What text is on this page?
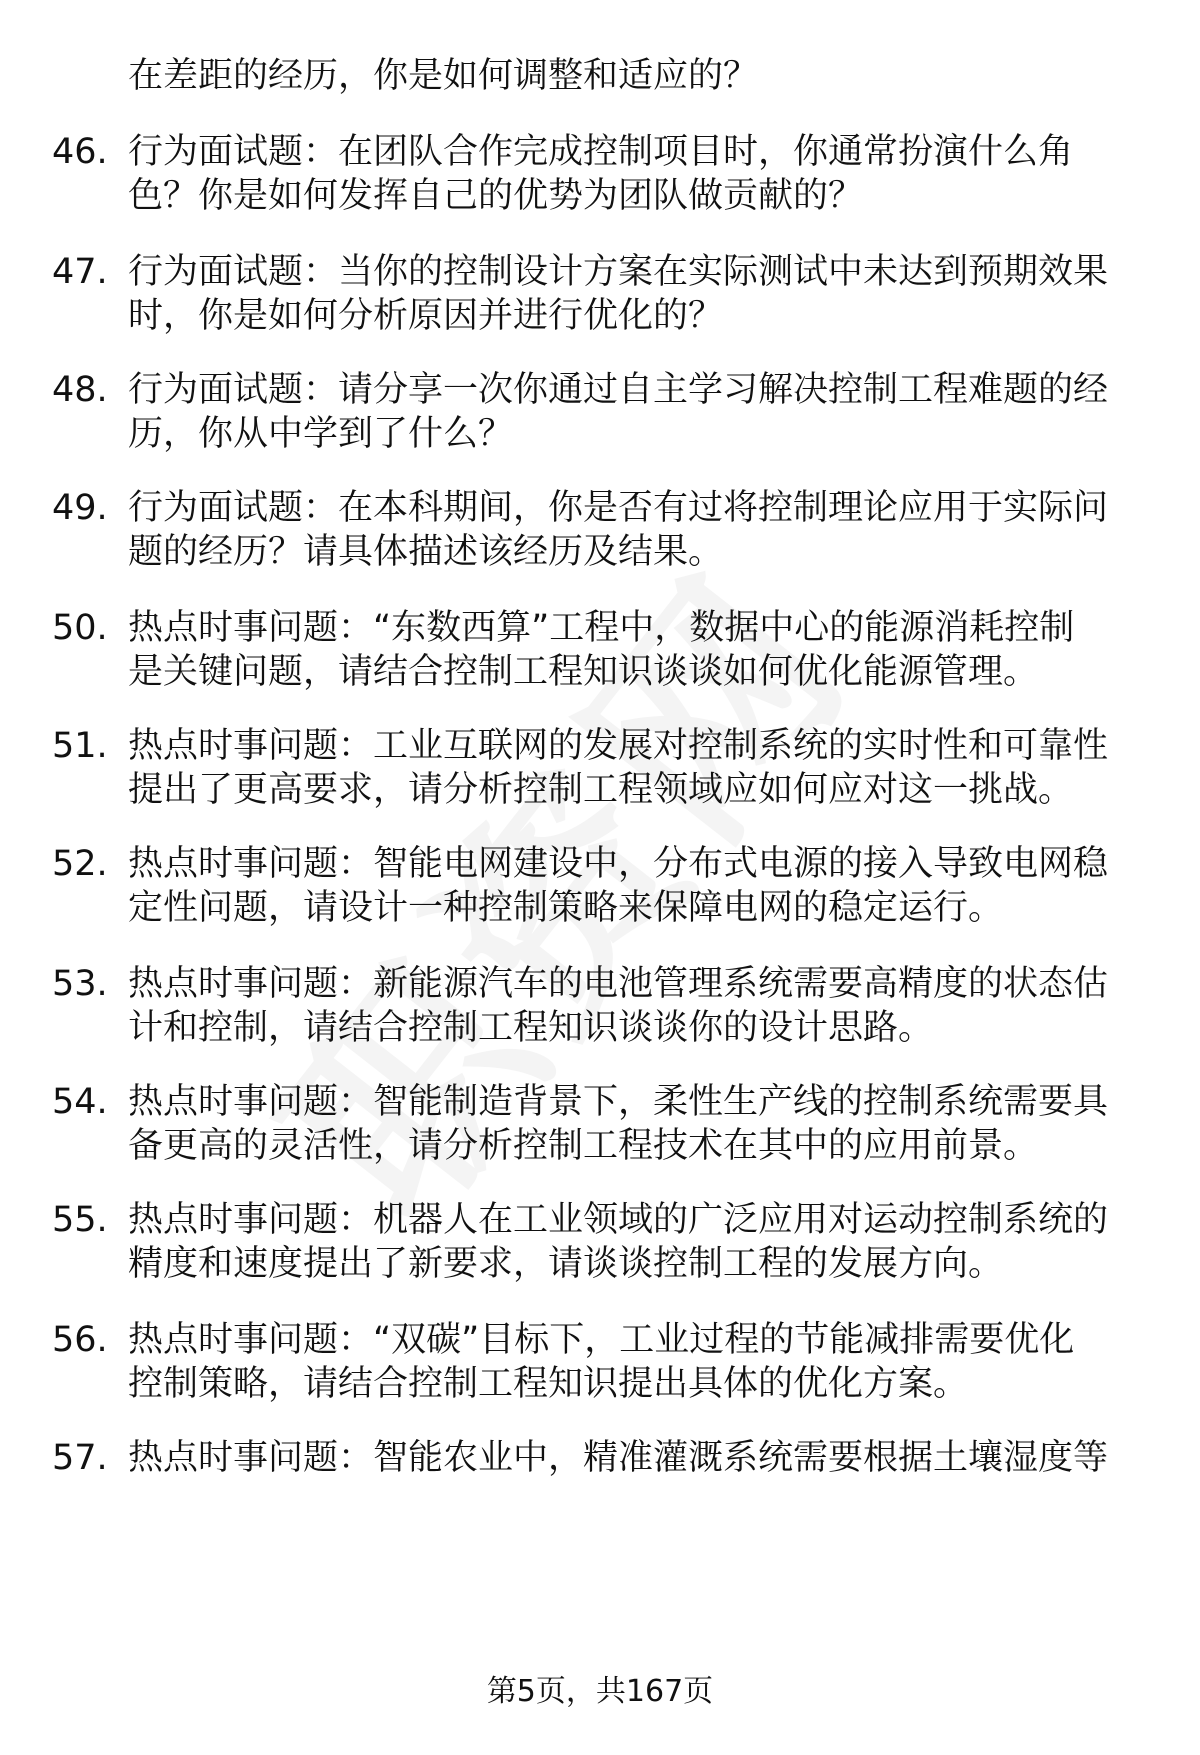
在差距的经历，你是如何调整和适应的？
46. 行为面试题：在团队合作完成控制项目时，你通常扮演什么角
色？你是如何发挥自己的优势为团队做贡献的？
47. 行为面试题：当你的控制设计方案在实际测试中未达到预期效果
时，你是如何分析原因并进行优化的？
48. 行为面试题：请分享一次你通过自主学习解决控制工程难题的经
历，你从中学到了什么？
49. 行为面试题：在本科期间，你是否有过将控制理论应用于实际问
题的经历？请具体描述该经历及结果。
50. 热点时事问题：“东数西算”工程中，数据中心的能源消耗控制
是关键问题，请结合控制工程知识谈谈如何优化能源管理。
51. 热点时事问题：工业互联网的发展对控制系统的实时性和可靠性
提出了更高要求，请分析控制工程领域应如何应对这一挑战。
52. 热点时事问题：智能电网建设中，分布式电源的接入导致电网稳
定性问题，请设计一种控制策略来保障电网的稳定运行。
53. 热点时事问题：新能源汽车的电池管理系统需要高精度的状态估
计和控制，请结合控制工程知识谈谈你的设计思路。
54. 热点时事问题：智能制造背景下，柔性生产线的控制系统需要具
备更高的灵活性，请分析控制工程技术在其中的应用前景。
55. 热点时事问题：机器人在工业领域的广泛应用对运动控制系统的
精度和速度提出了新要求，请谈谈控制工程的发展方向。
56. 热点时事问题：“双碳”目标下，工业过程的节能减排需要优化
控制策略，请结合控制工程知识提出具体的优化方案。
57. 热点时事问题：智能农业中，精准灌溉系统需要根据土壤湿度等
第5页，共167页
